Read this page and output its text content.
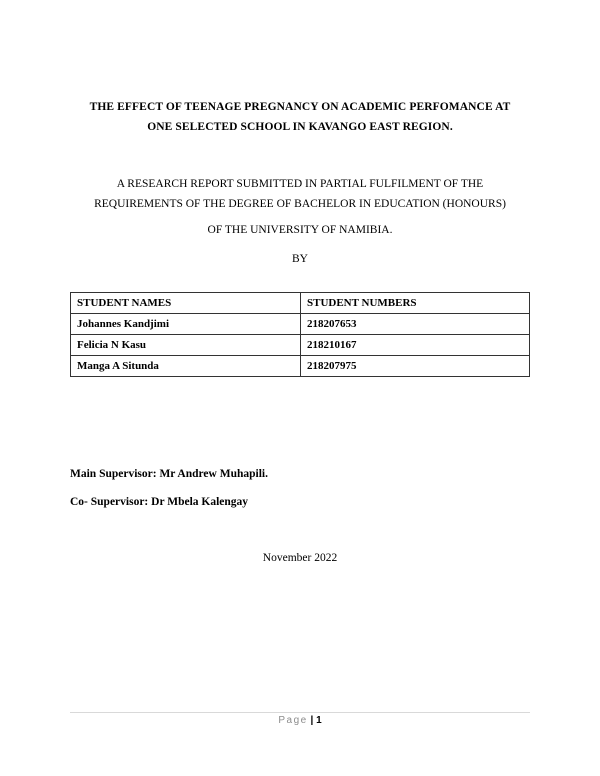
THE EFFECT OF TEENAGE PREGNANCY ON ACADEMIC PERFOMANCE AT
ONE SELECTED SCHOOL IN KAVANGO EAST REGION.
A RESEARCH REPORT SUBMITTED IN PARTIAL FULFILMENT OF THE
REQUIREMENTS OF THE DEGREE OF BACHELOR IN EDUCATION (HONOURS)
OF THE UNIVERSITY OF NAMIBIA.
BY
STUDENT NAMES	STUDENT NUMBERS
Johannes Kandjimi	218207653
Felicia N Kasu	218210167
Manga A Situnda	218207975
Main Supervisor: Mr Andrew Muhapili.
Co- Supervisor: Dr Mbela Kalengay
November 2022
Page | 1
